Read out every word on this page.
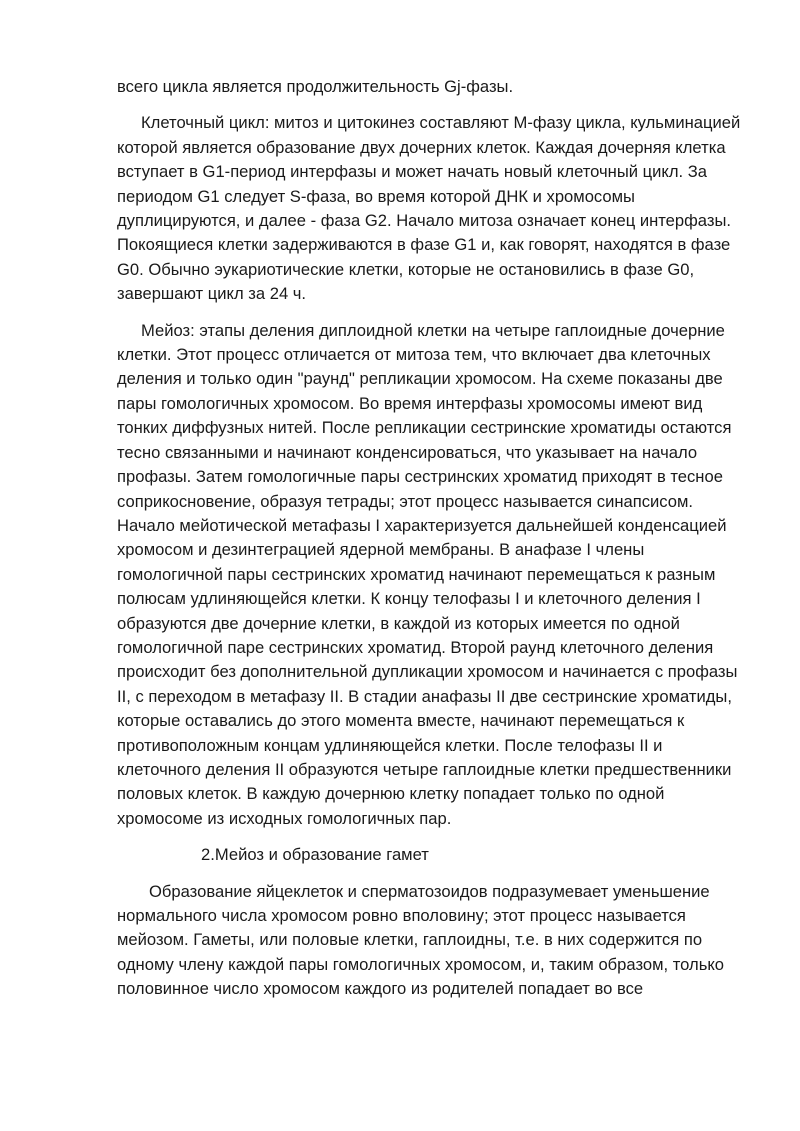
всего цикла является продолжительность Gj-фазы.

Клеточный цикл: митоз и цитокинез составляют М-фазу цикла, кульминацией которой является образование двух дочерних клеток. Каждая дочерняя клетка вступает в G1-период интерфазы и может начать новый клеточный цикл. За периодом G1 следует S-фаза, во время которой ДНК и хромосомы дуплицируются, и далее - фаза G2. Начало митоза означает конец интерфазы. Покоящиеся клетки задерживаются в фазе G1 и, как говорят, находятся в фазе G0. Обычно эукариотические клетки, которые не остановились в фазе G0, завершают цикл за 24 ч.

Мейоз: этапы деления диплоидной клетки на четыре гаплоидные дочерние клетки. Этот процесс отличается от митоза тем, что включает два клеточных деления и только один "раунд" репликации хромосом. На схеме показаны две пары гомологичных хромосом. Во время интерфазы хромосомы имеют вид тонких диффузных нитей. После репликации сестринские хроматиды остаются тесно связанными и начинают конденсироваться, что указывает на начало профазы. Затем гомологичные пары сестринских хроматид приходят в тесное соприкосновение, образуя тетрады; этот процесс называется синапсисом. Начало мейотической метафазы I характеризуется дальнейшей конденсацией хромосом и дезинтеграцией ядерной мембраны. В анафазе I члены гомологичной пары сестринских хроматид начинают перемещаться к разным полюсам удлиняющейся клетки. К концу телофазы I и клеточного деления I образуются две дочерние клетки, в каждой из которых имеется по одной гомологичной паре сестринских хроматид. Второй раунд клеточного деления происходит без дополнительной дупликации хромосом и начинается с профазы II, с переходом в метафазу II. В стадии анафазы II две сестринские хроматиды, которые оставались до этого момента вместе, начинают перемещаться к противоположным концам удлиняющейся клетки. После телофазы II и клеточного деления II образуются четыре гаплоидные клетки предшественники половых клеток. В каждую дочернюю клетку попадает только по одной хромосоме из исходных гомологичных пар.

2.Мейоз и образование гамет

Образование яйцеклеток и сперматозоидов подразумевает уменьшение нормального числа хромосом ровно вполовину; этот процесс называется мейозом. Гаметы, или половые клетки, гаплоидны, т.е. в них содержится по одному члену каждой пары гомологичных хромосом, и, таким образом, только половинное число хромосом каждого из родителей попадает во все
